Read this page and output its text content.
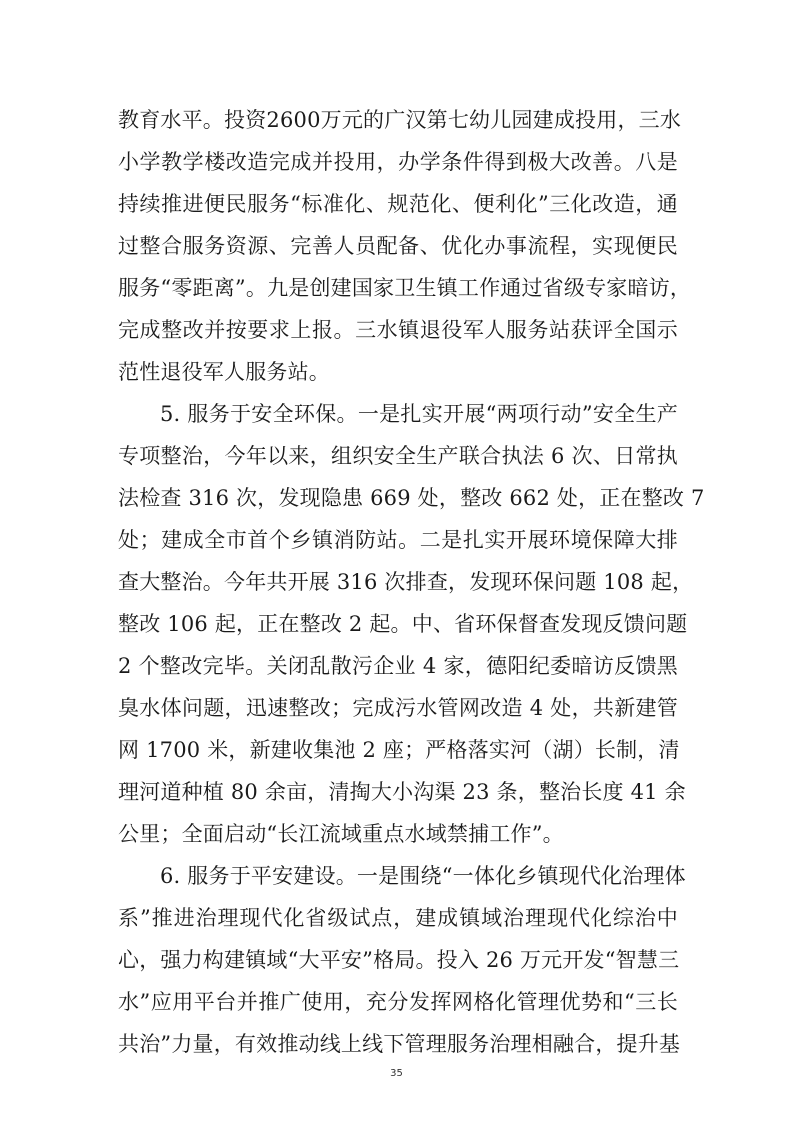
教育水平。投资2600万元的广汉第七幼儿园建成投用，三水
小学教学楼改造完成并投用，办学条件得到极大改善。八是
持续推进便民服务“标准化、规范化、便利化”三化改造，通
过整合服务资源、完善人员配备、优化办事流程，实现便民
服务“零距离”。九是创建国家卫生镇工作通过省级专家暗访，
完成整改并按要求上报。三水镇退役军人服务站获评全国示
范性退役军人服务站。
5. 服务于安全环保。一是扎实开展“两项行动”安全生产
专项整治，今年以来，组织安全生产联合执法 6 次、日常执
法检查 316 次，发现隐患 669 处，整改 662 处，正在整改 7
处；建成全市首个乡镇消防站。二是扎实开展环境保障大排
查大整治。今年共开展 316 次排查，发现环保问题 108 起，
整改 106 起，正在整改 2 起。中、省环保督查发现反馈问题
2 个整改完毕。关闭乱散污企业 4 家，德阳纪委暗访反馈黑
臭水体问题，迅速整改；完成污水管网改造 4 处，共新建管
网 1700 米，新建收集池 2 座；严格落实河（湖）长制，清
理河道种植 80 余亩，清掏大小沟渠 23 条，整治长度 41 余
公里；全面启动“长江流域重点水域禁捕工作”。
6. 服务于平安建设。一是围绕“一体化乡镇现代化治理体
系”推进治理现代化省级试点，建成镇域治理现代化综治中
心，强力构建镇域“大平安”格局。投入 26 万元开发“智慧三
水”应用平台并推广使用，充分发挥网格化管理优势和“三长
共治”力量，有效推动线上线下管理服务治理相融合，提升基
35
